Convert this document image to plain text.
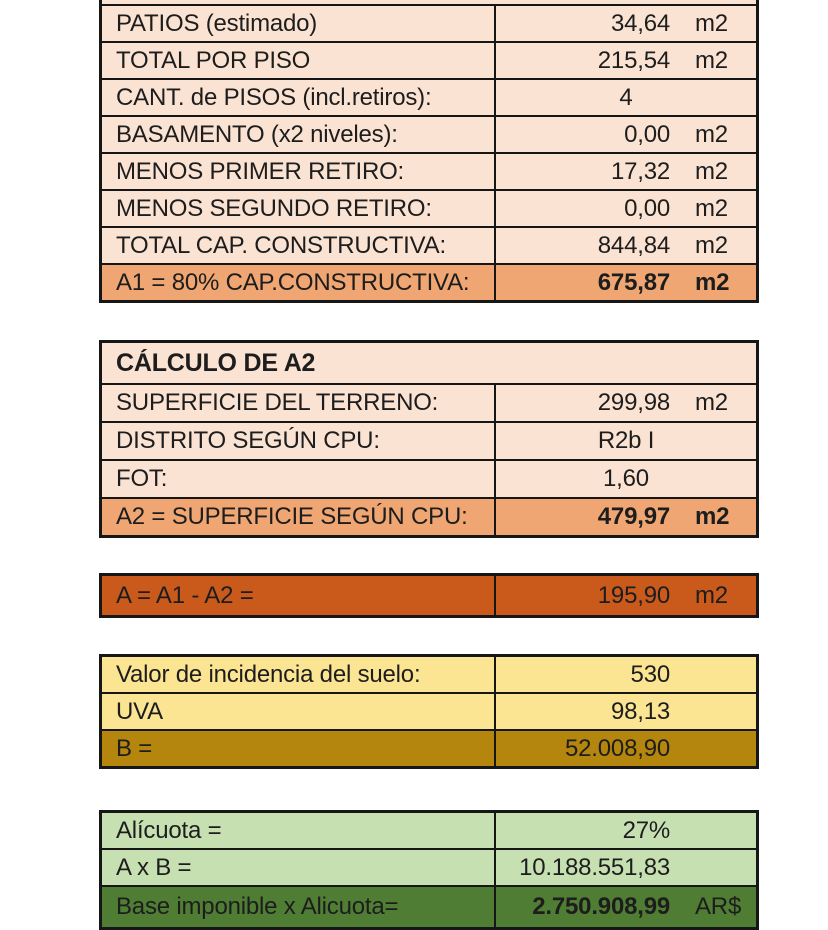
PATIOS (estimado)	34,64	m2
TOTAL POR PISO	215,54	m2
CANT. de PISOS (incl.retiros):	4
BASAMENTO (x2 niveles):	0,00	m2
MENOS PRIMER RETIRO:	17,32	m2
MENOS SEGUNDO RETIRO:	0,00	m2
TOTAL CAP. CONSTRUCTIVA:	844,84	m2
A1 = 80% CAP.CONSTRUCTIVA:	675,87	m2
CÁLCULO DE A2
SUPERFICIE DEL TERRENO:	299,98	m2
DISTRITO SEGÚN CPU:	R2b I
FOT:	1,60
A2 = SUPERFICIE SEGÚN CPU:	479,97	m2
A = A1 - A2 =	195,90	m2
Valor de incidencia del suelo:	530
UVA	98,13
B =	52.008,90
Alícuota =	27%
A x B =	10.188.551,83
Base imponible x Alicuota=	2.750.908,99	AR$
